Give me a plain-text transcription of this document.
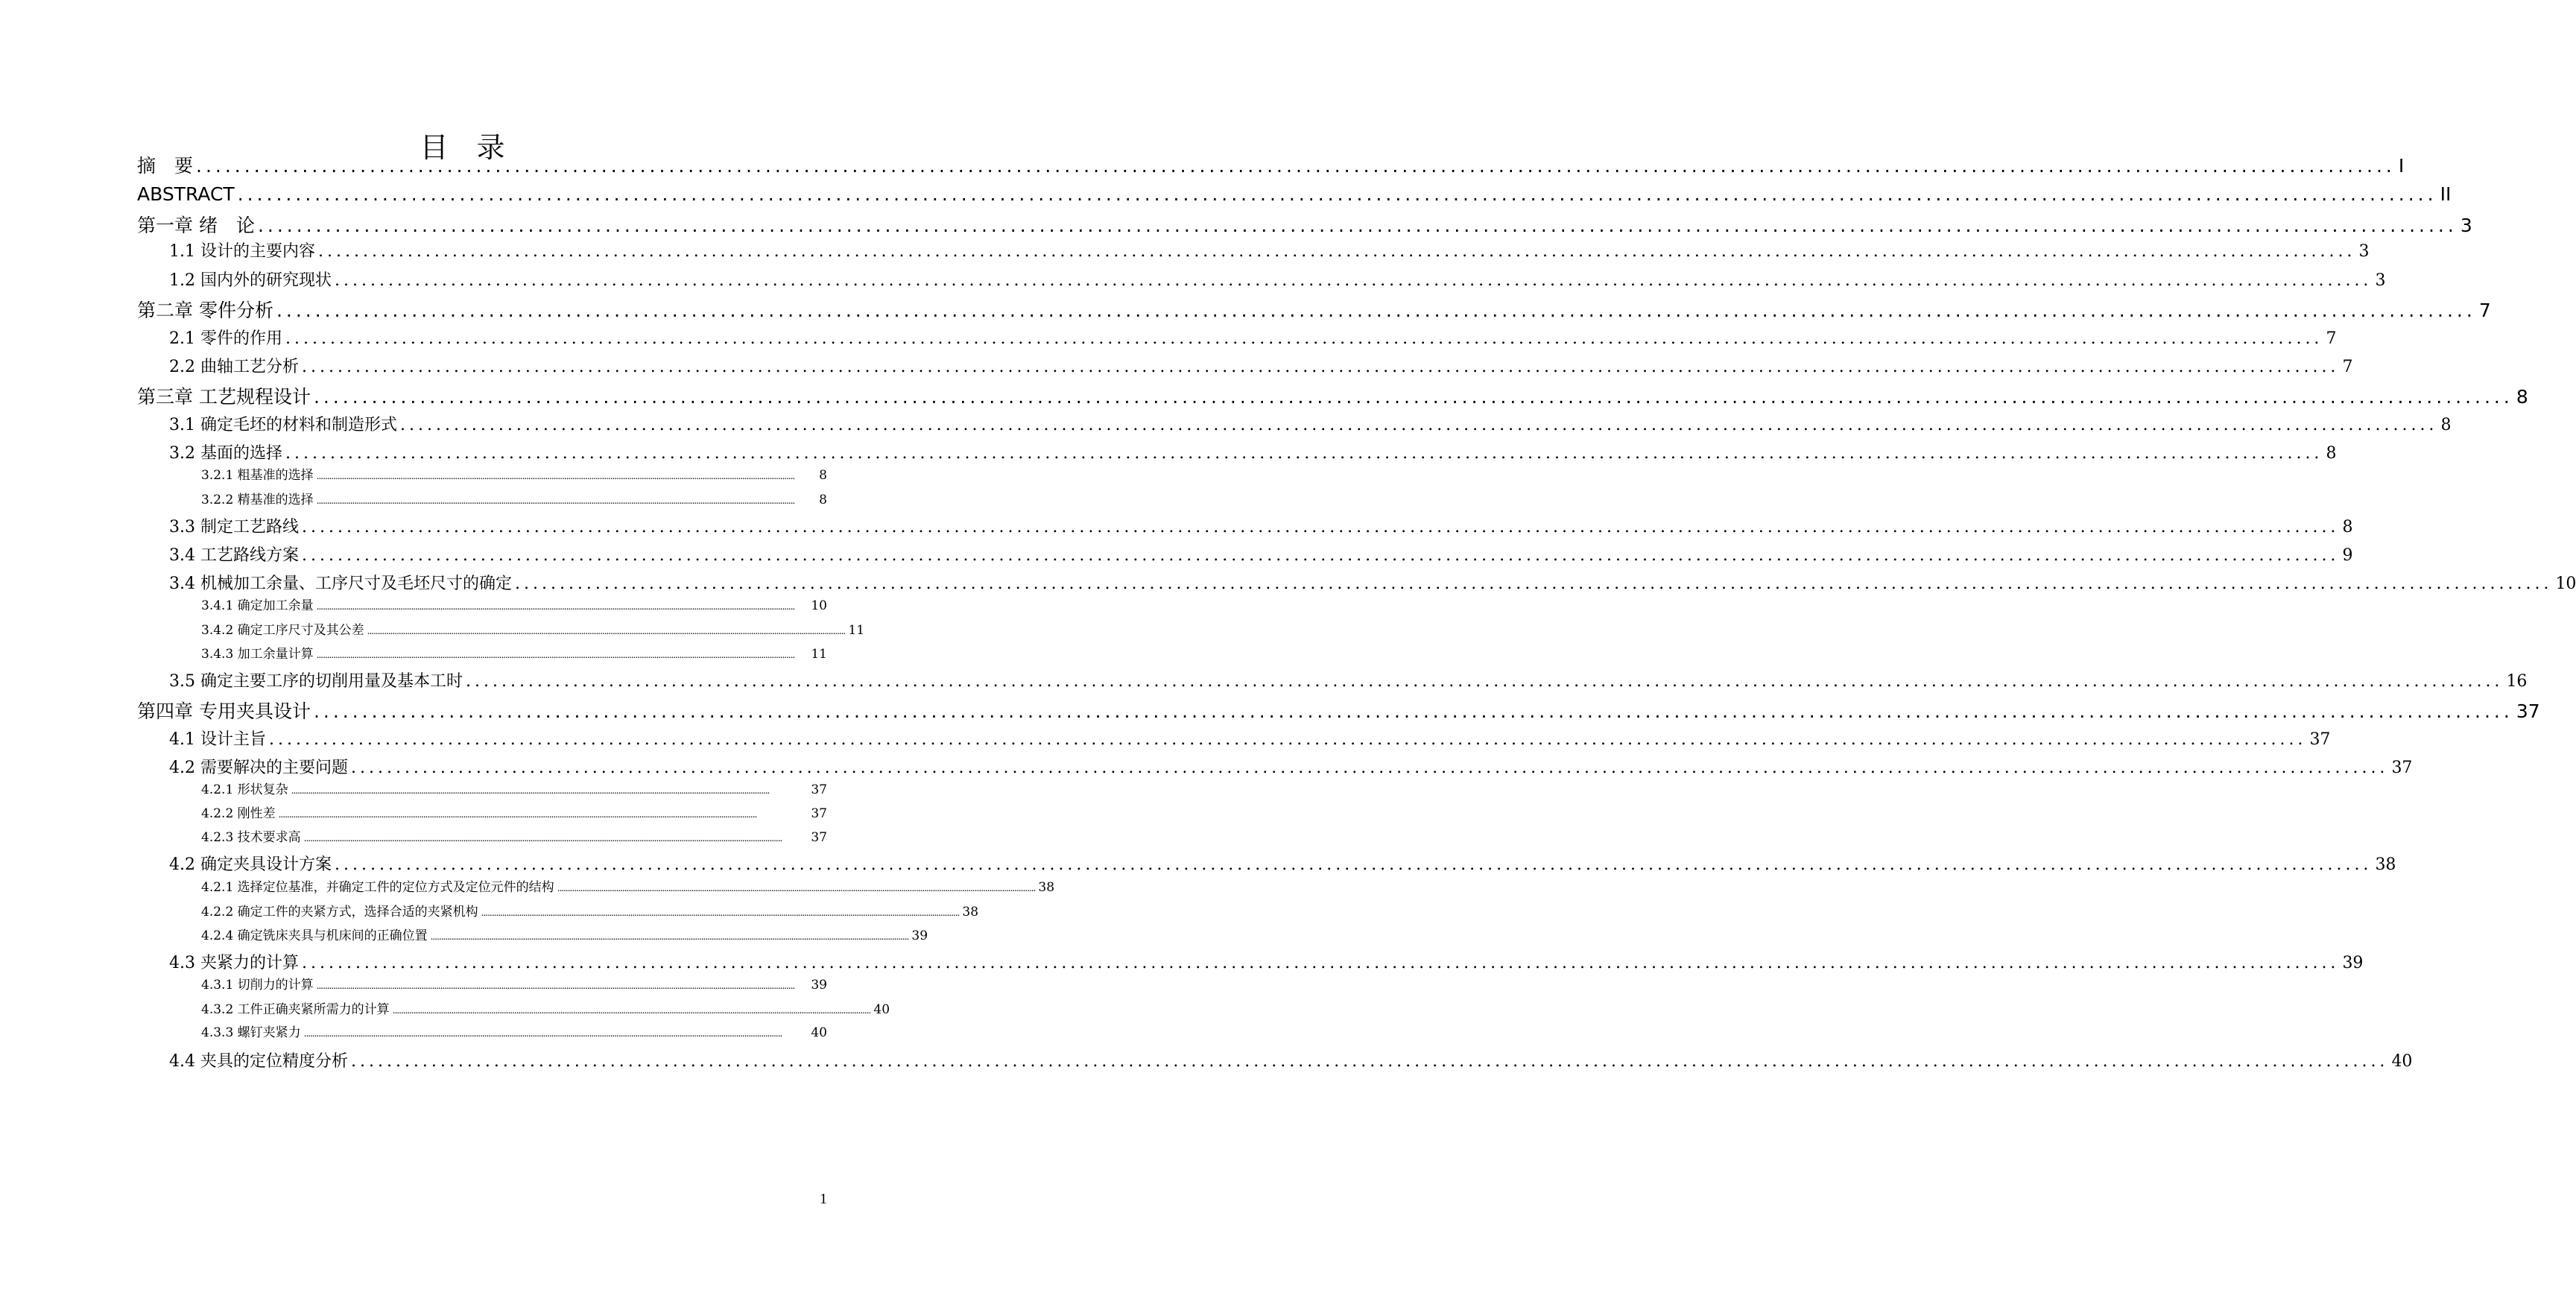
目　录
摘　要 .................................................................................................................................................................................................................................... I
ABSTRACT .................................................................................................................................................................................................................................... II
第一章 绪　论 .................................................................................................................................................................................................................................... 3
1.1 设计的主要内容 .................................................................................................................................................................................................................................... 3
1.2 国内外的研究现状 .................................................................................................................................................................................................................................... 3
第二章 零件分析 .................................................................................................................................................................................................................................... 7
2.1 零件的作用 .................................................................................................................................................................................................................................... 7
2.2 曲轴工艺分析 .................................................................................................................................................................................................................................... 7
第三章 工艺规程设计 .................................................................................................................................................................................................................................... 8
3.1 确定毛坯的材料和制造形式 .................................................................................................................................................................................................................................... 8
3.2 基面的选择 .................................................................................................................................................................................................................................... 8
3.2.1 粗基准的选择 ....................................................................................................................................................................................................................................	8
3.2.2 精基准的选择 ....................................................................................................................................................................................................................................	8
3.3 制定工艺路线 .................................................................................................................................................................................................................................... 8
3.4 工艺路线方案 .................................................................................................................................................................................................................................... 9
3.4 机械加工余量、工序尺寸及毛坯尺寸的确定 .................................................................................................................................................................................................................................... 10
3.4.1 确定加工余量 ....................................................................................................................................................................................................................................	10
3.4.2 确定工序尺寸及其公差 .................................................................................................................................................................................................................................... 11
3.4.3 加工余量计算 ....................................................................................................................................................................................................................................	11
3.5 确定主要工序的切削用量及基本工时 .................................................................................................................................................................................................................................... 16
第四章 专用夹具设计 .................................................................................................................................................................................................................................... 37
4.1 设计主旨 .................................................................................................................................................................................................................................... 37
4.2 需要解决的主要问题 .................................................................................................................................................................................................................................... 37
4.2.1 形状复杂 ....................................................................................................................................................................................................................................	37
4.2.2 刚性差 ....................................................................................................................................................................................................................................	37
4.2.3 技术要求高 ....................................................................................................................................................................................................................................	37
4.2 确定夹具设计方案 .................................................................................................................................................................................................................................... 38
4.2.1 选择定位基准，并确定工件的定位方式及定位元件的结构 .................................................................................................................................................................................................................................... 38
4.2.2 确定工件的夹紧方式，选择合适的夹紧机构 .................................................................................................................................................................................................................................... 38
4.2.4 确定铣床夹具与机床间的正确位置 .................................................................................................................................................................................................................................... 39
4.3 夹紧力的计算 .................................................................................................................................................................................................................................... 39
4.3.1 切削力的计算 ....................................................................................................................................................................................................................................	39
4.3.2 工件正确夹紧所需力的计算 .................................................................................................................................................................................................................................... 40
4.3.3 螺钉夹紧力 ....................................................................................................................................................................................................................................	40
4.4 夹具的定位精度分析 .................................................................................................................................................................................................................................... 40
1
